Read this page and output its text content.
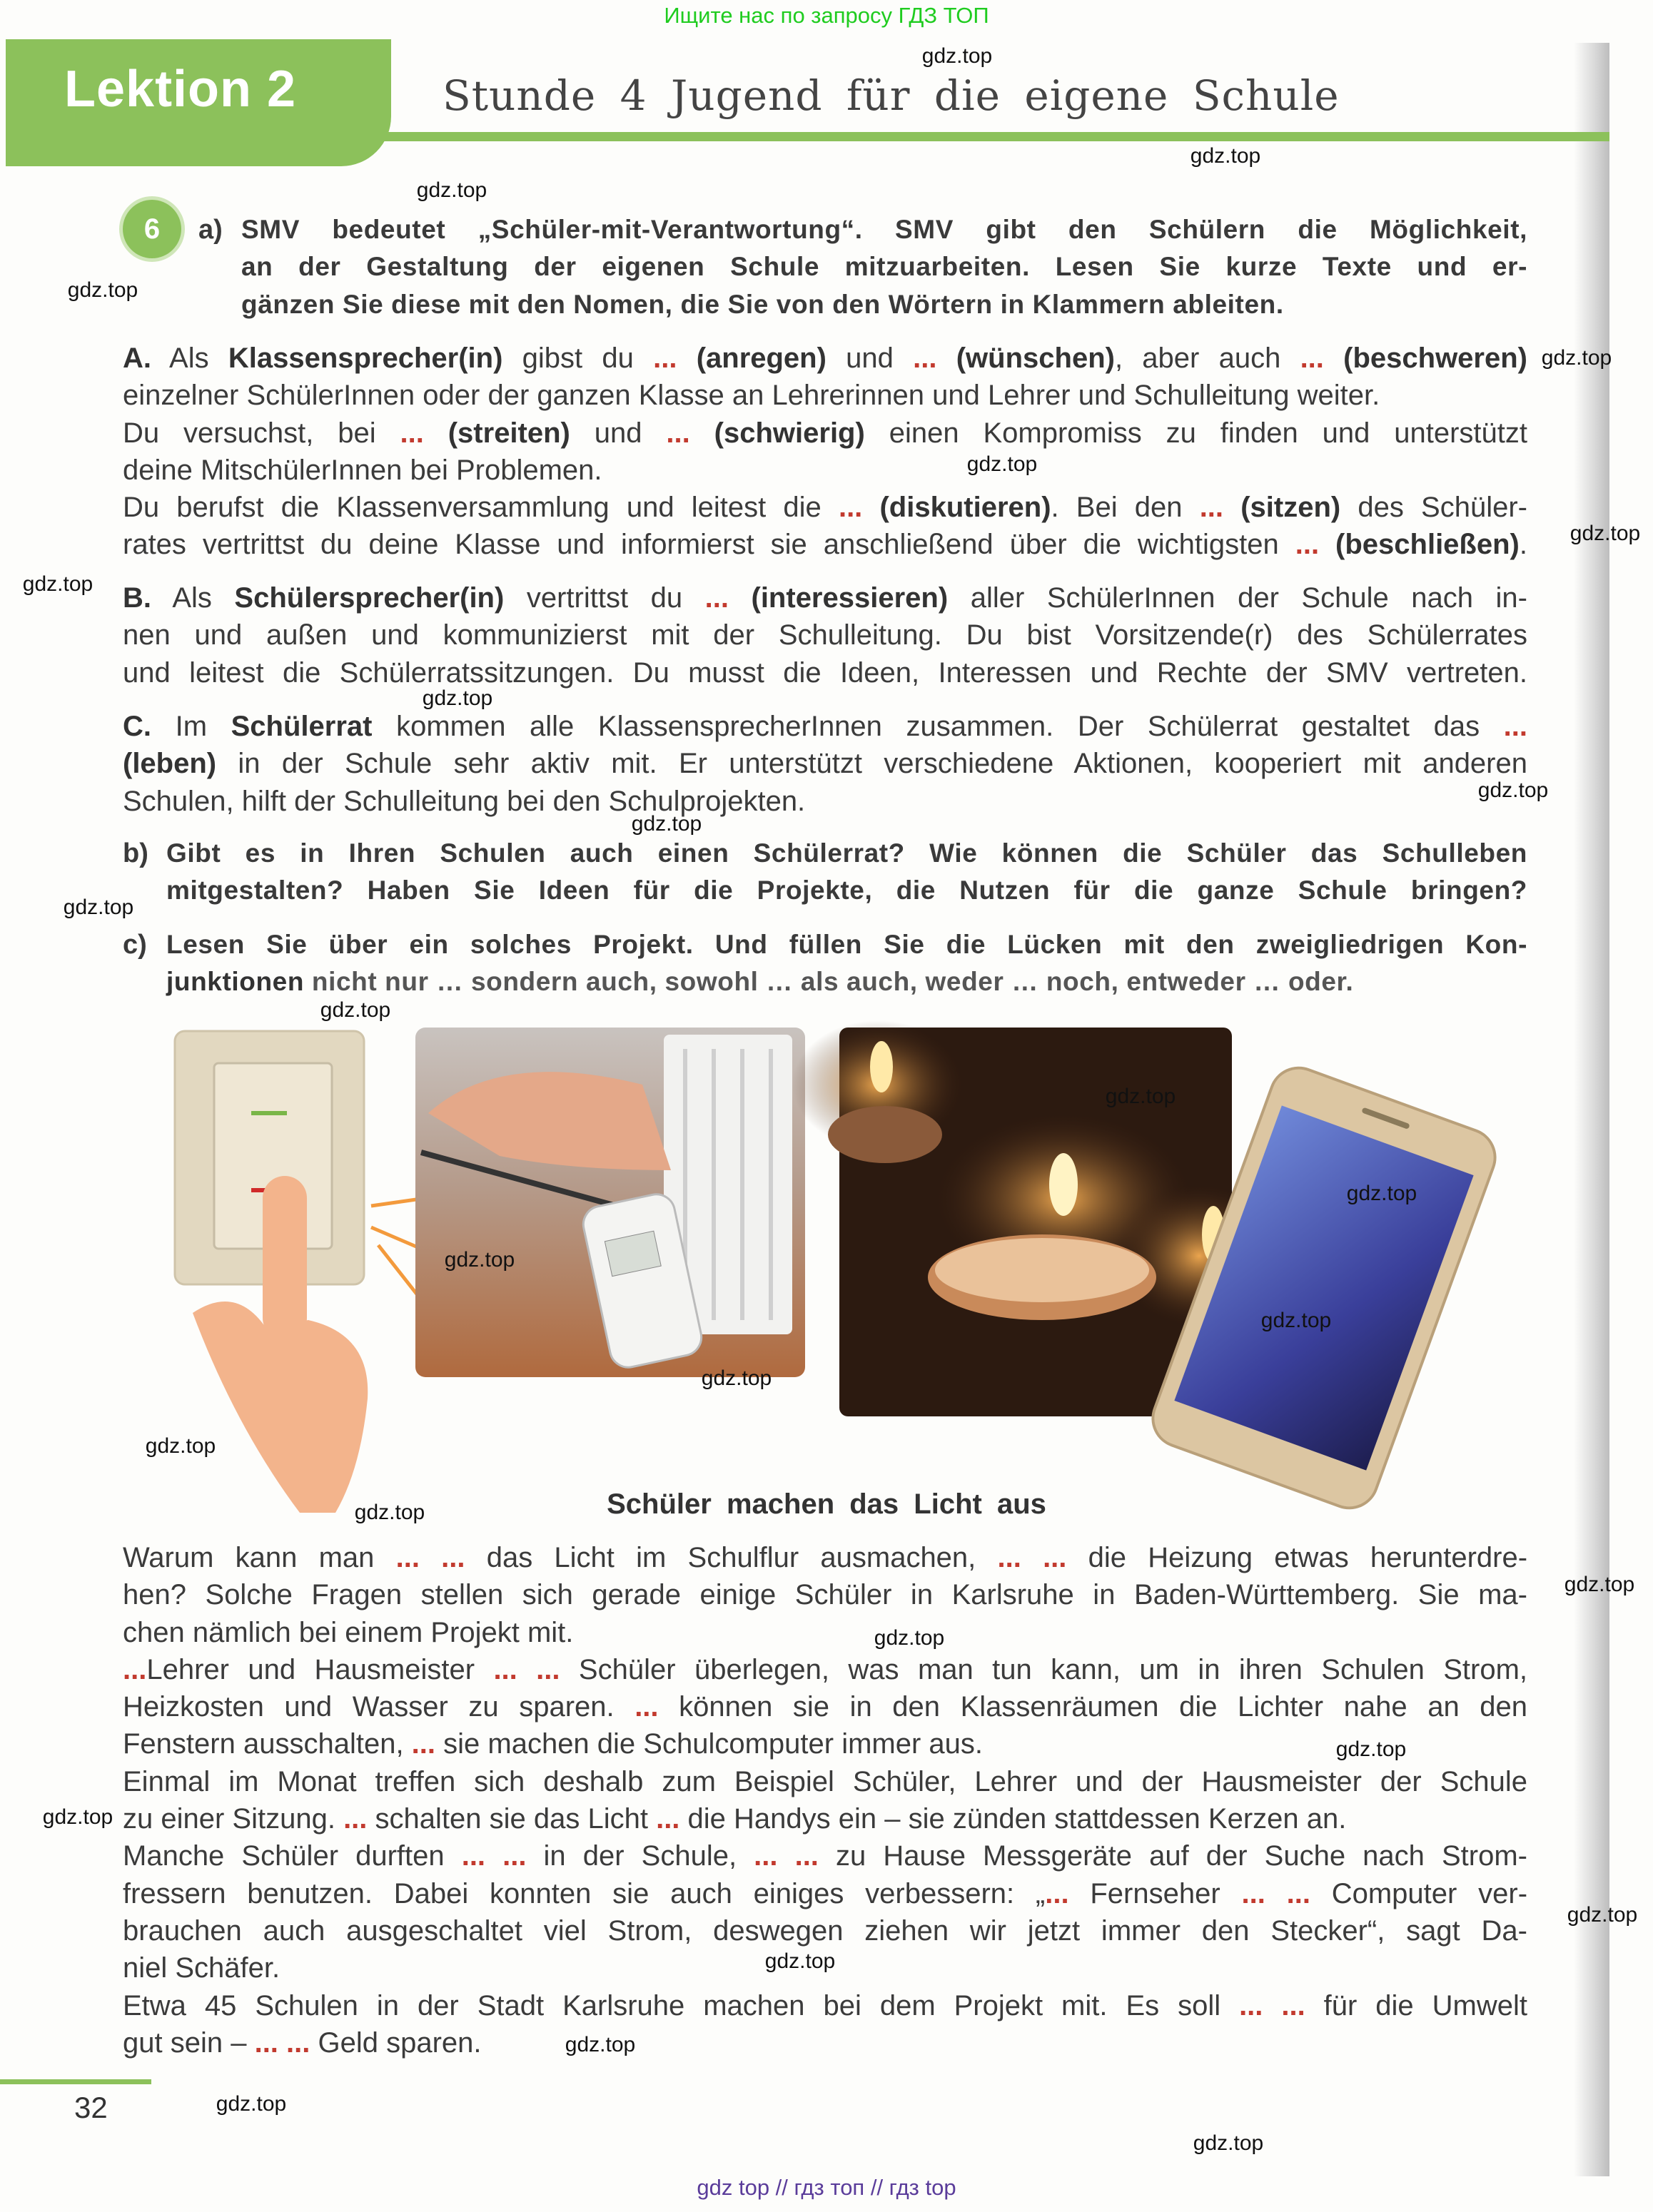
Ищите нас по запросу ГДЗ ТОП
Lektion 2	Stunde 4 Jugend für die eigene Schule
6	a) SMV bedeutet „Schüler-mit-Verantwortung“. SMV gibt den Schülern die Möglichkeit,
an der Gestaltung der eigenen Schule mitzuarbeiten. Lesen Sie kurze Texte und er-
gänzen Sie diese mit den Nomen, die Sie von den Wörtern in Klammern ableiten.
A. Als Klassensprecher(in) gibst du ... (anregen) und ... (wünschen), aber auch ... (beschweren)
einzelner SchülerInnen oder der ganzen Klasse an Lehrerinnen und Lehrer und Schulleitung weiter.
Du versuchst, bei ... (streiten) und ... (schwierig) einen Kompromiss zu finden und unterstützt
deine MitschülerInnen bei Problemen.
Du berufst die Klassenversammlung und leitest die ... (diskutieren). Bei den ... (sitzen) des Schüler-
rates vertrittst du deine Klasse und informierst sie anschließend über die wichtigsten ... (beschließen).
B. Als Schülersprecher(in) vertrittst du ... (interessieren) aller SchülerInnen der Schule nach in-
nen und außen und kommunizierst mit der Schulleitung. Du bist Vorsitzende(r) des Schülerrates
und leitest die Schülerratssitzungen. Du musst die Ideen, Interessen und Rechte der SMV vertreten.
C. Im Schülerrat kommen alle KlassensprecherInnen zusammen. Der Schülerrat gestaltet das ...
(leben) in der Schule sehr aktiv mit. Er unterstützt verschiedene Aktionen, kooperiert mit anderen
Schulen, hilft der Schulleitung bei den Schulprojekten.
b) Gibt es in Ihren Schulen auch einen Schülerrat? Wie können die Schüler das Schulleben
mitgestalten? Haben Sie Ideen für die Projekte, die Nutzen für die ganze Schule bringen?
c) Lesen Sie über ein solches Projekt. Und füllen Sie die Lücken mit den zweigliedrigen Kon-
junktionen nicht nur … sondern auch, sowohl … als auch, weder … noch, entweder … oder.
Schüler machen das Licht aus
Warum kann man ... ... das Licht im Schulflur ausmachen, ... ... die Heizung etwas herunterdre-
hen? Solche Fragen stellen sich gerade einige Schüler in Karlsruhe in Baden-Württemberg. Sie ma-
chen nämlich bei einem Projekt mit.
...Lehrer und Hausmeister ... ... Schüler überlegen, was man tun kann, um in ihren Schulen Strom,
Heizkosten und Wasser zu sparen. ... können sie in den Klassenräumen die Lichter nahe an den
Fenstern ausschalten, ... sie machen die Schulcomputer immer aus.
Einmal im Monat treffen sich deshalb zum Beispiel Schüler, Lehrer und der Hausmeister der Schule
zu einer Sitzung. ... schalten sie das Licht ... die Handys ein – sie zünden stattdessen Kerzen an.
Manche Schüler durften ... ... in der Schule, ... ... zu Hause Messgeräte auf der Suche nach Strom-
fressern benutzen. Dabei konnten sie auch einiges verbessern: „... Fernseher ... ... Computer ver-
brauchen auch ausgeschaltet viel Strom, deswegen ziehen wir jetzt immer den Stecker“, sagt Da-
niel Schäfer.
Etwa 45 Schulen in der Stadt Karlsruhe machen bei dem Projekt mit. Es soll ... ... für die Umwelt
gut sein – ... ... Geld sparen.
32
gdz top // гдз топ // гдз top
gdz.top
gdz.top
gdz.top
gdz.top
gdz.top
gdz.top
gdz.top
gdz.top
gdz.top
gdz.top
gdz.top
gdz.top
gdz.top
gdz.top
gdz.top
gdz.top
gdz.top
gdz.top
gdz.top
gdz.top
gdz.top
gdz.top
gdz.top
gdz.top
gdz.top
gdz.top
gdz.top
gdz.top
gdz.top
